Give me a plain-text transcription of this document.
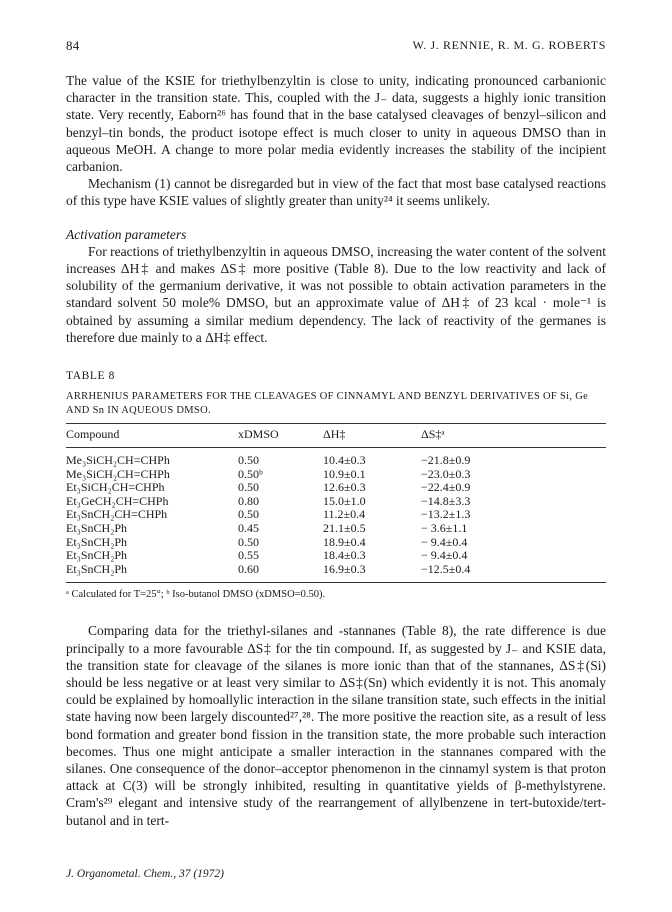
84	W. J. RENNIE, R. M. G. ROBERTS

The value of the KSIE for triethylbenzyltin is close to unity, indicating pronounced carbanionic character in the transition state. This, coupled with the J₋ data, suggests a highly ionic transition state. Very recently, Eaborn²⁶ has found that in the base catalysed cleavages of benzyl–silicon and benzyl–tin bonds, the product isotope effect is much closer to unity in aqueous DMSO than in aqueous MeOH. A change to more polar media evidently increases the stability of the incipient carbanion.

Mechanism (1) cannot be disregarded but in view of the fact that most base catalysed reactions of this type have KSIE values of slightly greater than unity²⁴ it seems unlikely.

Activation parameters

For reactions of triethylbenzyltin in aqueous DMSO, increasing the water content of the solvent increases ΔH‡ and makes ΔS‡ more positive (Table 8). Due to the low reactivity and lack of solubility of the germanium derivative, it was not possible to obtain activation parameters in the standard solvent 50 mole% DMSO, but an approximate value of ΔH‡ of 23 kcal · mole⁻¹ is obtained by assuming a similar medium dependency. The lack of reactivity of the germanes is therefore due mainly to a ΔH‡ effect.

TABLE 8
ARRHENIUS PARAMETERS FOR THE CLEAVAGES OF CINNAMYL AND BENZYL DERIVATIVES OF Si, Ge AND Sn IN AQUEOUS DMSO.
Compound	xDMSO	ΔH‡	ΔS‡ᵃ

Me₃SiCH₂CH=CHPh	0.50	10.4±0.3	−21.8±0.9
Me₃SiCH₂CH=CHPh	0.50ᵇ	10.9±0.1	−23.0±0.3
Et₃SiCH₂CH=CHPh	0.50	12.6±0.3	−22.4±0.9
Et₃GeCH₂CH=CHPh	0.80	15.0±1.0	−14.8±3.3
Et₃SnCH₂CH=CHPh	0.50	11.2±0.4	−13.2±1.3
Et₃SnCH₂Ph	0.45	21.1±0.5	− 3.6±1.1
Et₃SnCH₂Ph	0.50	18.9±0.4	− 9.4±0.4
Et₃SnCH₂Ph	0.55	18.4±0.3	− 9.4±0.4
Et₃SnCH₂Ph	0.60	16.9±0.3	−12.5±0.4
ᵃ Calculated for T=25°; ᵇ Iso-butanol DMSO (xDMSO=0.50).

Comparing data for the triethyl-silanes and -stannanes (Table 8), the rate difference is due principally to a more favourable ΔS‡ for the tin compound. If, as suggested by J₋ and KSIE data, the transition state for cleavage of the silanes is more ionic than that of the stannanes, ΔS‡(Si) should be less negative or at least very similar to ΔS‡(Sn) which evidently it is not. This anomaly could be explained by homoallylic interaction in the silane transition state, such effects in the initial state having now been largely discounted²⁷,²⁸. The more positive the reaction site, as a result of less bond formation and greater bond fission in the transition state, the more probable such interaction becomes. Thus one might anticipate a smaller interaction in the stannanes compared with the silanes. One consequence of the donor–acceptor phenomenon in the cinnamyl system is that proton attack at C(3) will be strongly inhibited, resulting in quantitative yields of β-methylstyrene. Cram's²⁹ elegant and intensive study of the rearrangement of allylbenzene in tert-butoxide/tert-butanol and in tert-

J. Organometal. Chem., 37 (1972)
